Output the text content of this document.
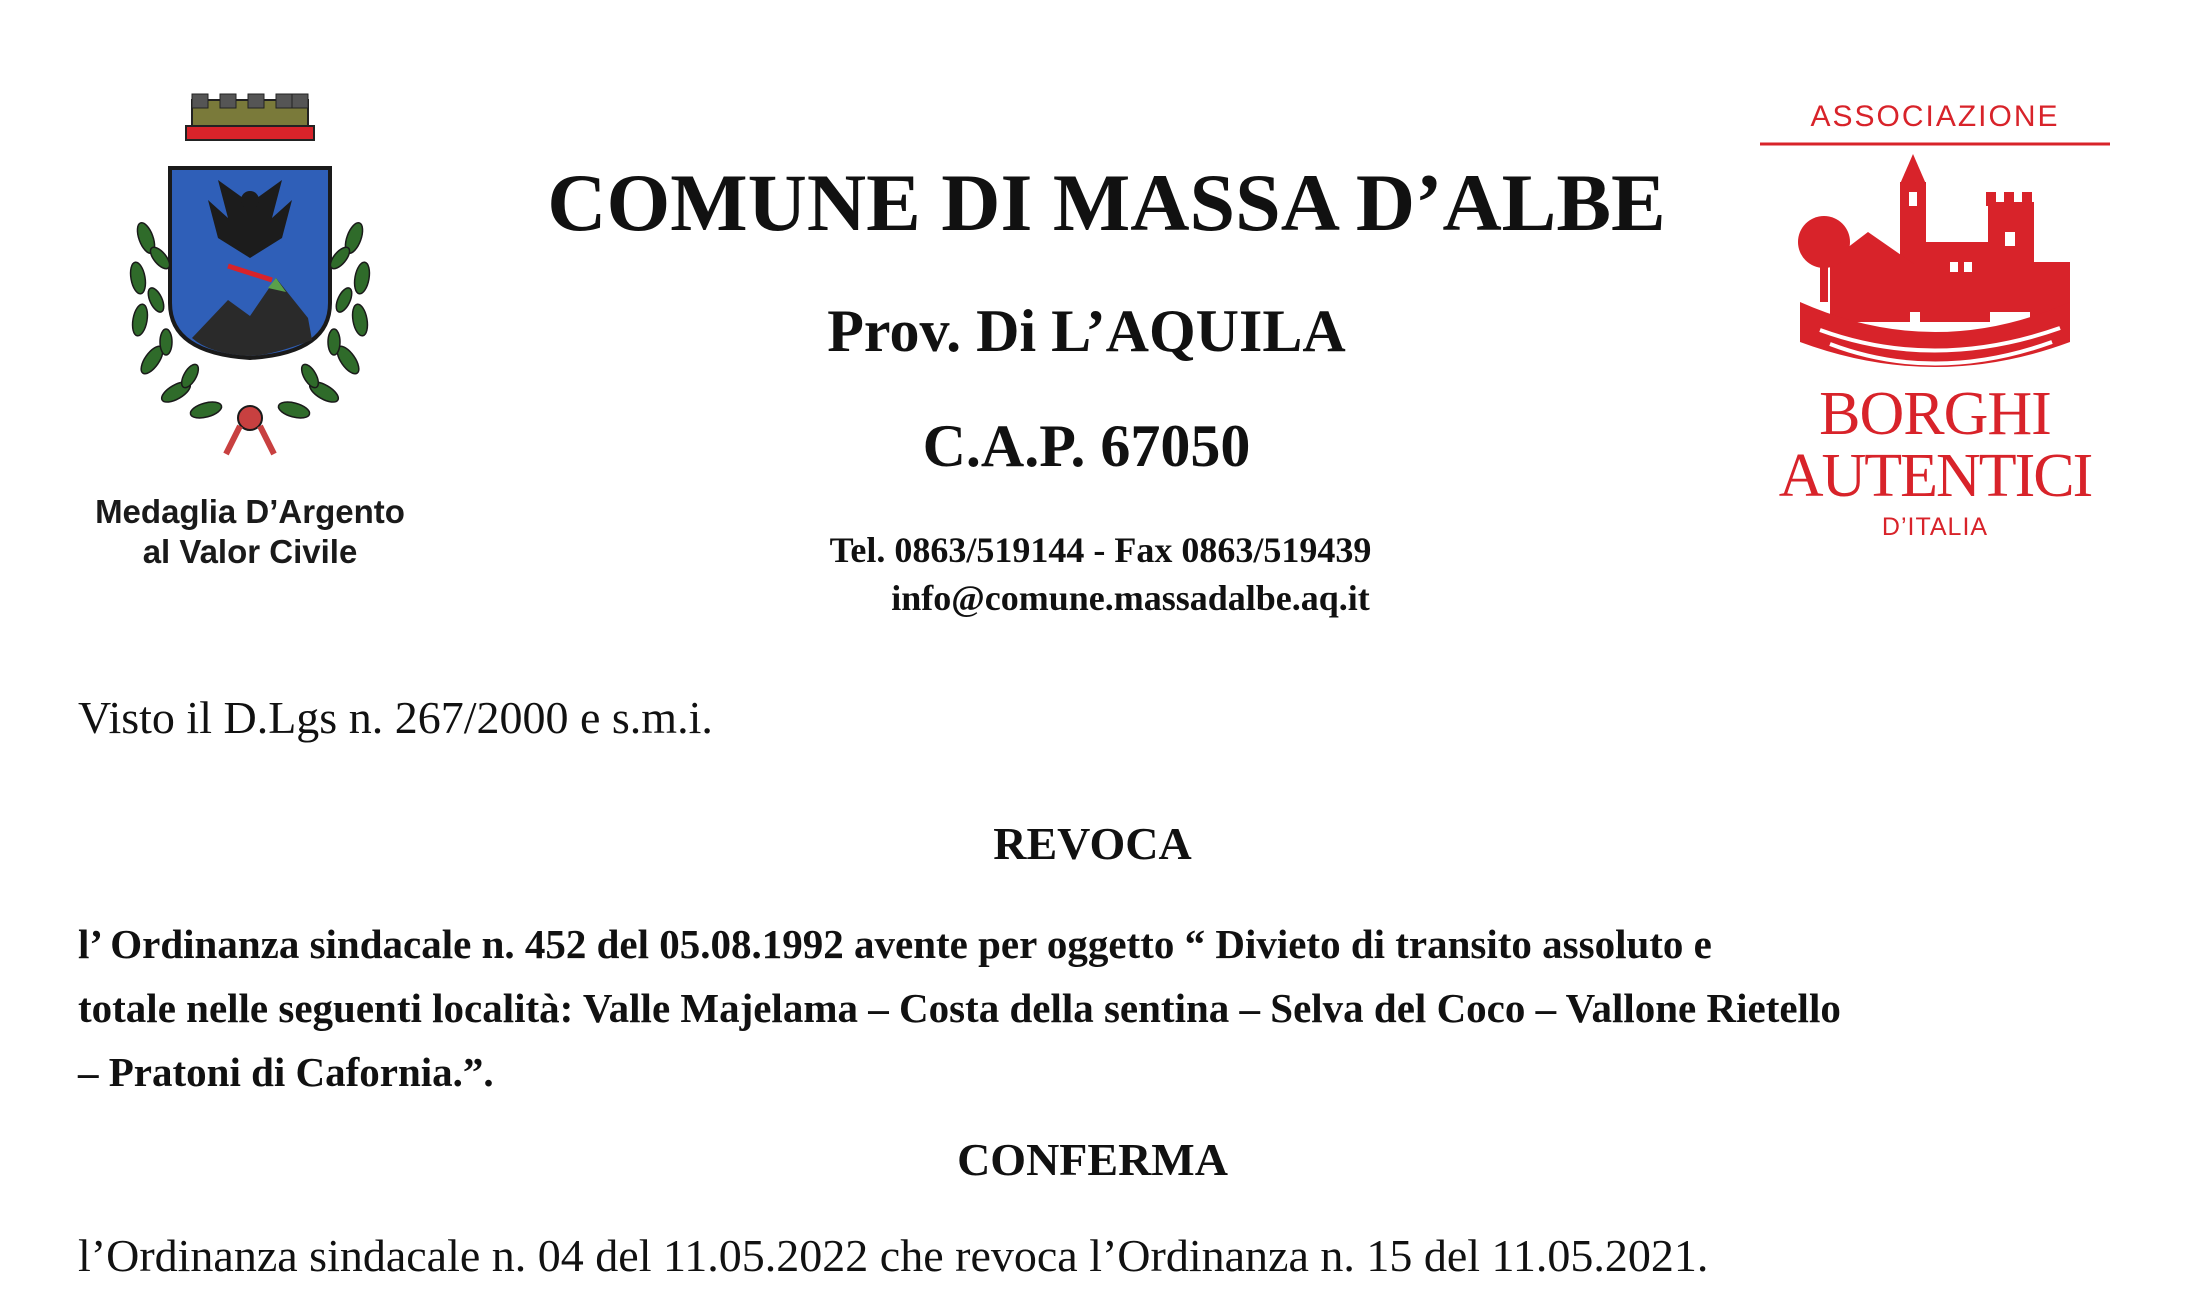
Medaglia D’Argento
al Valor Civile
COMUNE DI MASSA D’ALBE
Prov. Di L’AQUILA
C.A.P. 67050
Tel. 0863/519144 - Fax 0863/519439
info@comune.massadalbe.aq.it
ASSOCIAZIONE
BORGHI
AUTENTICI
D’ITALIA
Visto il D.Lgs n. 267/2000 e s.m.i.
REVOCA
l’ Ordinanza sindacale n. 452 del 05.08.1992 avente per oggetto “ Divieto di transito assoluto e
totale nelle seguenti località: Valle Majelama – Costa della sentina – Selva del Coco – Vallone Rietello
– Pratoni di Cafornia.”.
CONFERMA
l’Ordinanza sindacale n. 04 del 11.05.2022 che revoca l’Ordinanza n. 15 del 11.05.2021.
